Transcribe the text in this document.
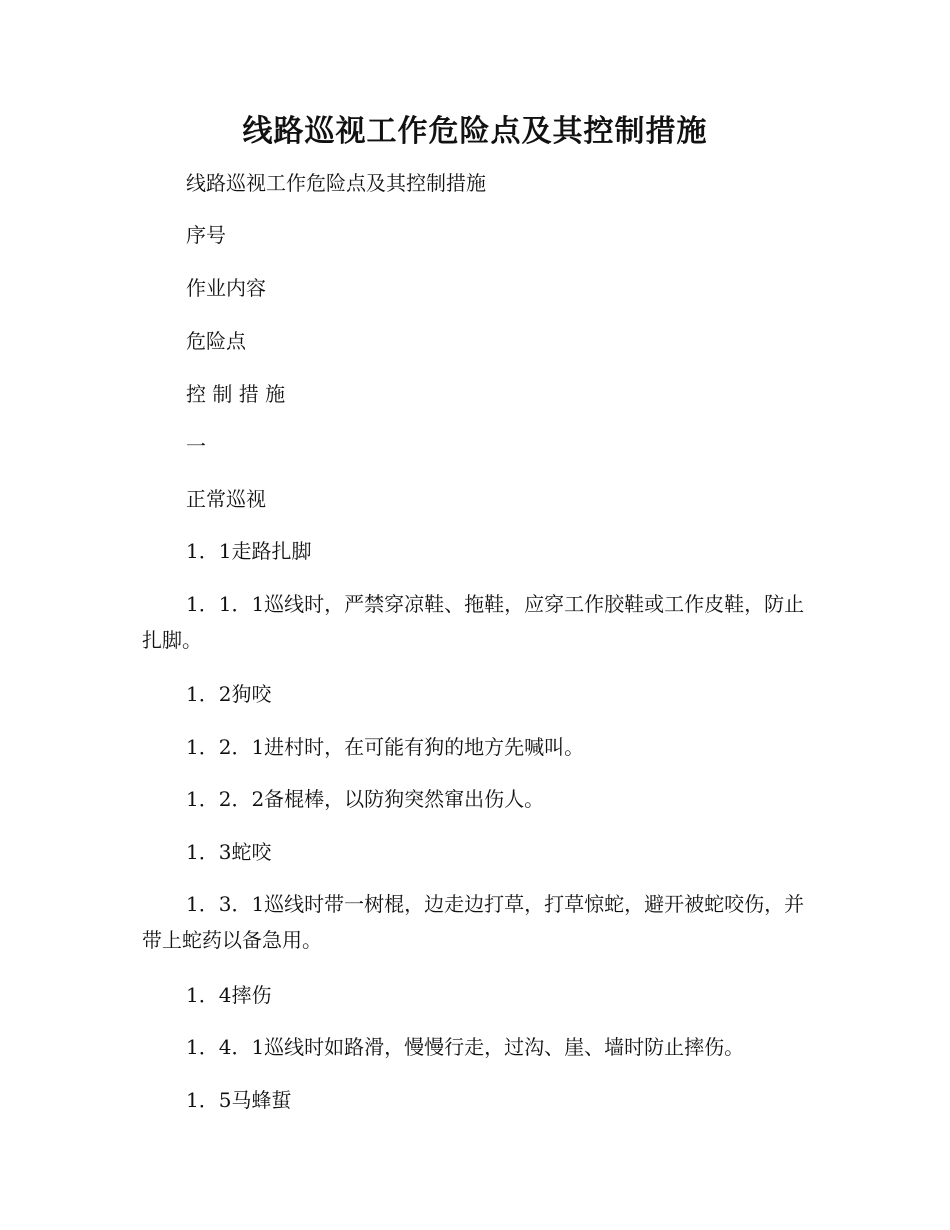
线路巡视工作危险点及其控制措施

线路巡视工作危险点及其控制措施

序号

作业内容

危险点

控 制 措 施

一

正常巡视

1．1走路扎脚

1．1．1巡线时，严禁穿凉鞋、拖鞋，应穿工作胶鞋或工作皮鞋，防止扎脚。

1．2狗咬

1．2．1进村时，在可能有狗的地方先喊叫。

1．2．2备棍棒，以防狗突然窜出伤人。

1．3蛇咬

1．3．1巡线时带一树棍，边走边打草，打草惊蛇，避开被蛇咬伤，并带上蛇药以备急用。

1．4摔伤

1．4．1巡线时如路滑，慢慢行走，过沟、崖、墙时防止摔伤。

1．5马蜂蜇
